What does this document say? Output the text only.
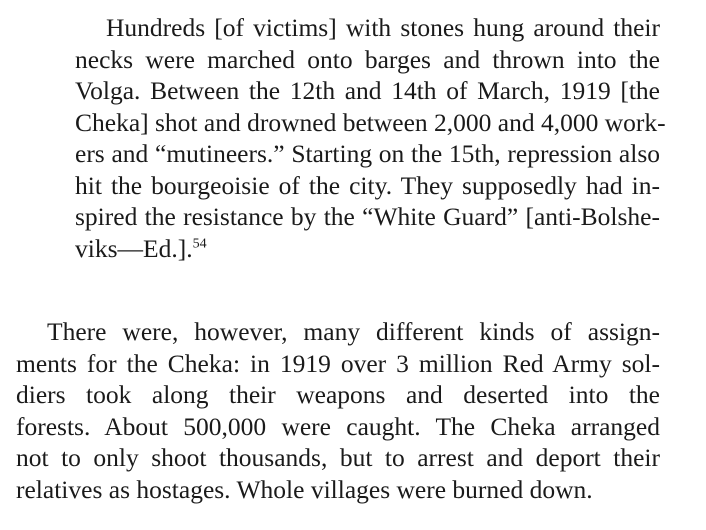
Hundreds [of victims] with stones hung around their
necks were marched onto barges and thrown into the
Volga. Between the 12th and 14th of March, 1919 [the
Cheka] shot and drowned between 2,000 and 4,000 work-
ers and “mutineers.” Starting on the 15th, repression also
hit the bourgeoisie of the city. They supposedly had in-
spired the resistance by the “White Guard” [anti-Bolshe-
viks—Ed.].$^{54}$
There were, however, many different kinds of assign-
ments for the Cheka: in 1919 over 3 million Red Army sol-
diers took along their weapons and deserted into the
forests. About 500,000 were caught. The Cheka arranged
not to only shoot thousands, but to arrest and deport their
relatives as hostages. Whole villages were burned down.
